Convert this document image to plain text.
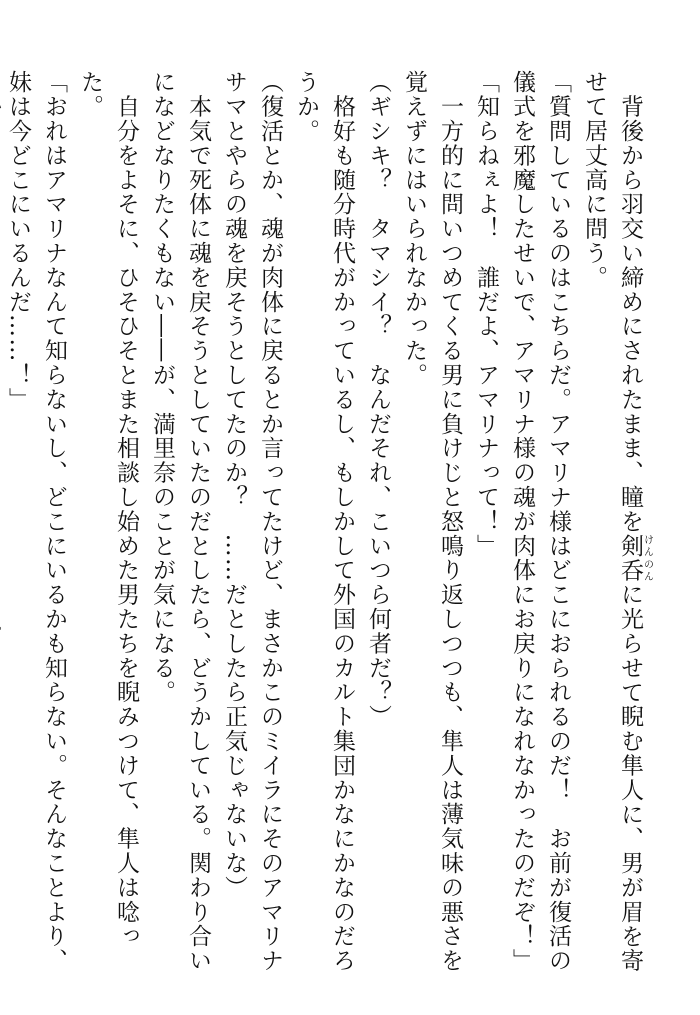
　背後から羽交い締めにされたまま、瞳を剣呑けんのんに光らせて睨む隼人に、男が眉を寄せて居丈高に問う。

「質問しているのはこちらだ。アマリナ様はどこにおられるのだ！　お前が復活の儀式を邪魔したせいで、アマリナ様の魂が肉体にお戻りになれなかったのだぞ！」

「知らねぇよ！　誰だよ、アマリナって！」

　一方的に問いつめてくる男に負けじと怒鳴り返しつつも、隼人は薄気味の悪さを覚えずにはいられなかった。

（ギシキ？　タマシイ？　なんだそれ、こいつら何者だ？）

　格好も随分時代がかっているし、もしかして外国のカルト集団かなにかなのだろうか。

（復活とか、魂が肉体に戻るとか言ってたけど、まさかこのミイラにそのアマリナサマとやらの魂を戻そうとしてたのか？　……だとしたら正気じゃないな）

　本気で死体に魂を戻そうとしていたのだとしたら、どうかしている。関わり合いになどなりたくもない――が、満里奈のことが気になる。

　自分をよそに、ひそひそとまた相談し始めた男たちを睨みつけて、隼人は唸った。

「おれはアマリナなんて知らないし、どこにいるかも知らない。そんなことより、妹は今どこにいるんだ……！」
